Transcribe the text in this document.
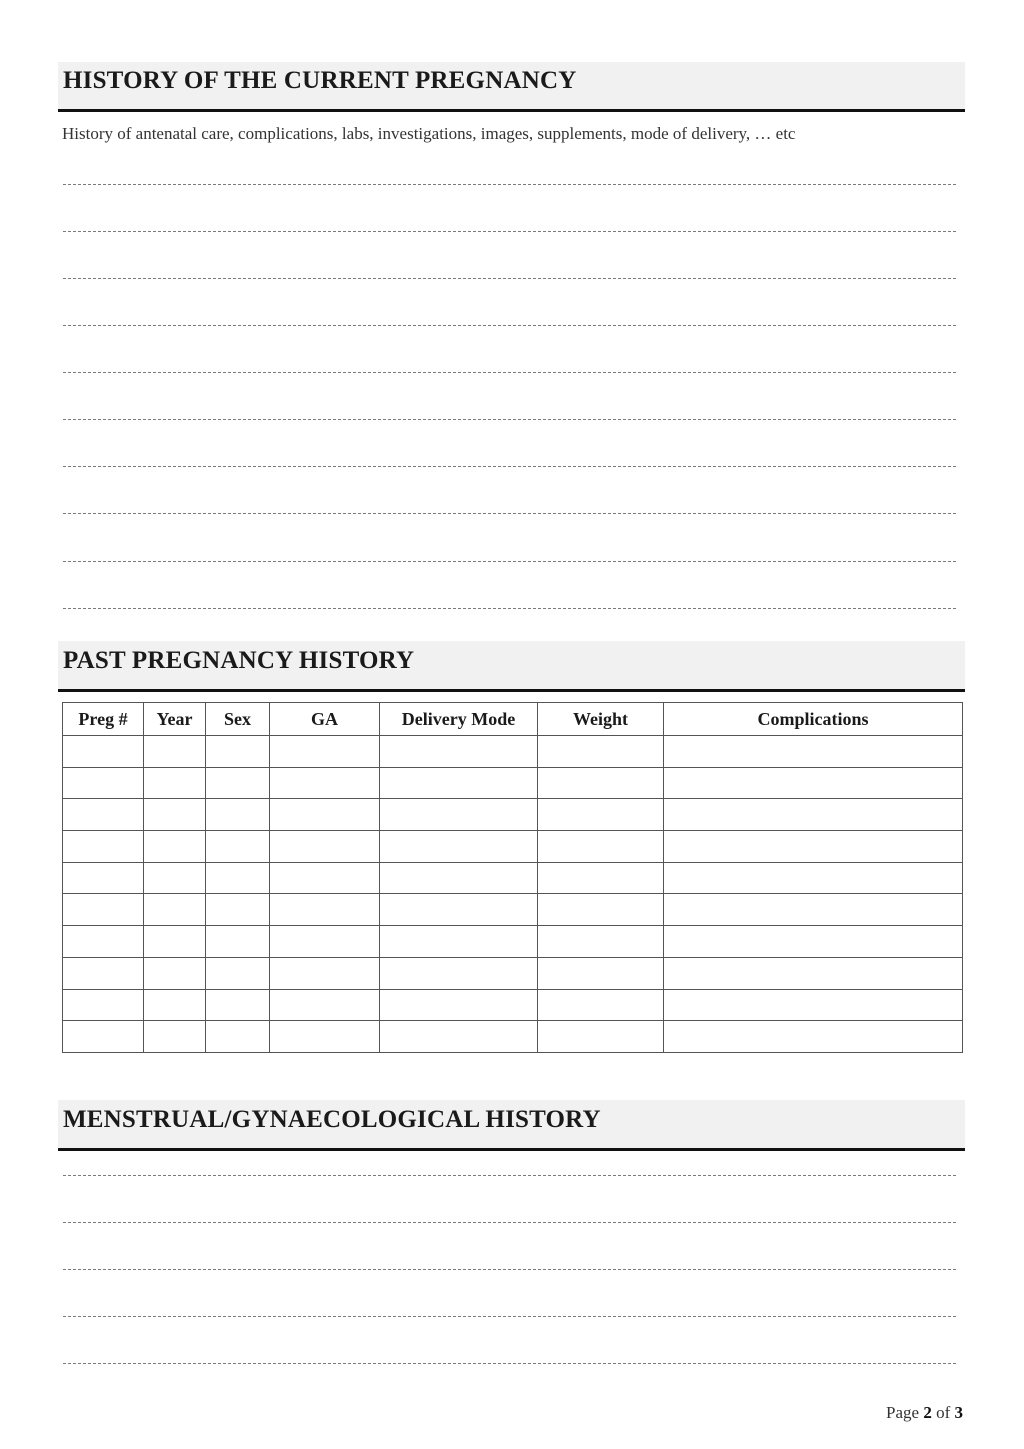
HISTORY OF THE CURRENT PREGNANCY
History of antenatal care, complications, labs, investigations, images, supplements, mode of delivery, … etc
PAST PREGNANCY HISTORY
Preg #	Year	Sex	GA	Delivery Mode	Weight	Complications

MENSTRUAL/GYNAECOLOGICAL HISTORY
Page 2 of 3
